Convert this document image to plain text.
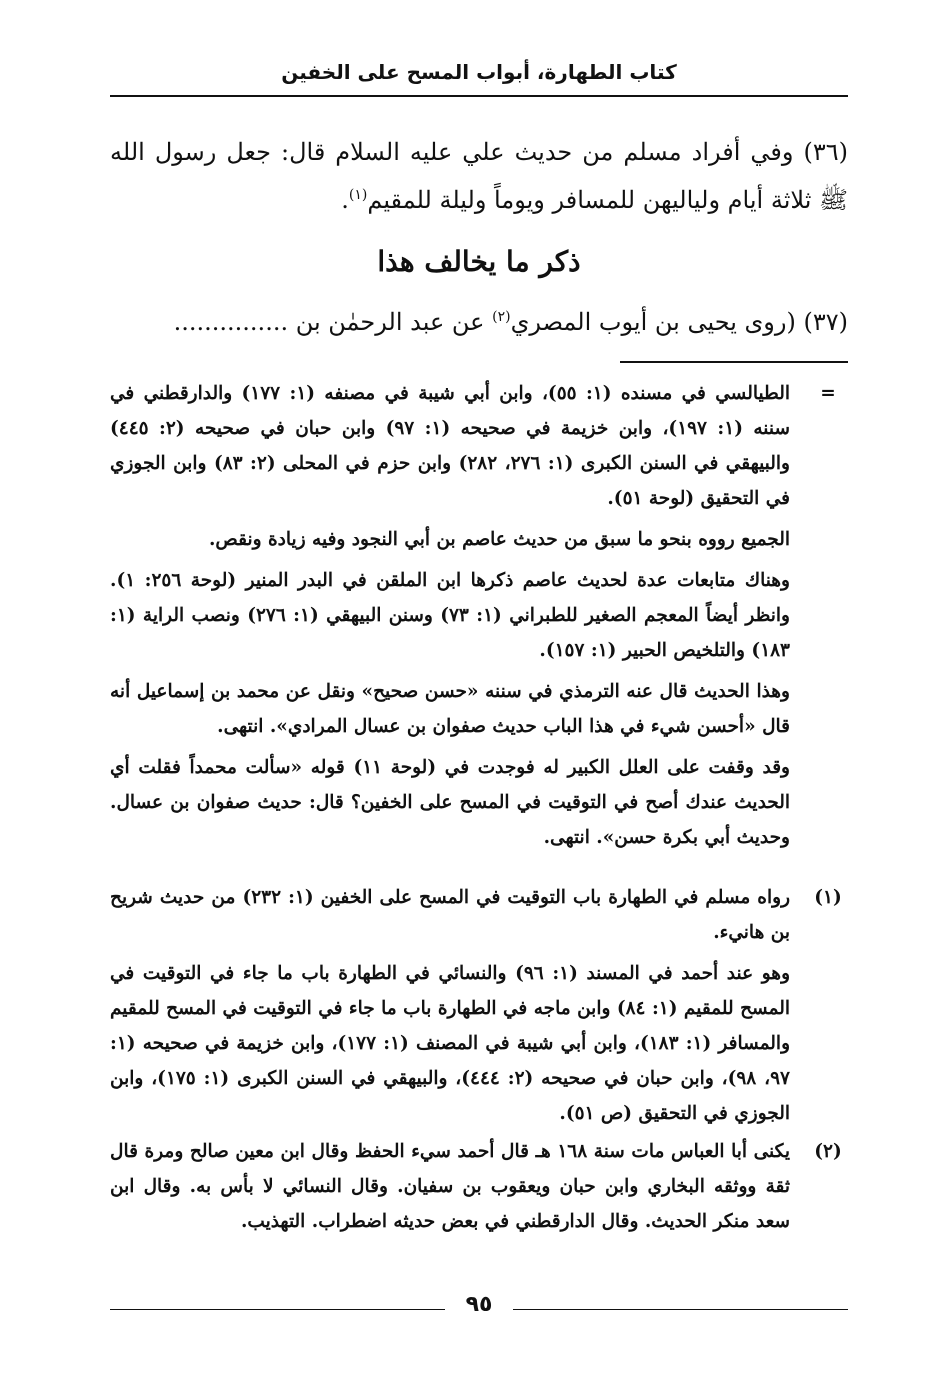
كتاب الطهارة، أبواب المسح على الخفين
(٣٦) وفي أفراد مسلم من حديث علي عليه السلام قال: جعل رسول الله ﷺ ثلاثة أيام ولياليهن للمسافر ويوماً وليلة للمقيم$^{(١)}$.
ذكر ما يخالف هذا
(٣٧) (روى يحيى بن أيوب المصري$^{(٢)}$ عن عبد الرحمٰن بن ...............
=

الطيالسي في مسنده (١: ٥٥)، وابن أبي شيبة في مصنفه (١: ١٧٧) والدارقطني في سننه (١: ١٩٧)، وابن خزيمة في صحيحه (١: ٩٧) وابن حبان في صحيحه (٢: ٤٤٥) والبيهقي في السنن الكبرى (١: ٢٧٦، ٢٨٢) وابن حزم في المحلى (٢: ٨٣) وابن الجوزي في التحقيق (لوحة ٥١).

الجميع رووه بنحو ما سبق من حديث عاصم بن أبي النجود وفيه زيادة ونقص.

وهناك متابعات عدة لحديث عاصم ذكرها ابن الملقن في البدر المنير (لوحة ٢٥٦: ١). وانظر أيضاً المعجم الصغير للطبراني (١: ٧٣) وسنن البيهقي (١: ٢٧٦) ونصب الراية (١: ١٨٣) والتلخيص الحبير (١: ١٥٧).

وهذا الحديث قال عنه الترمذي في سننه «حسن صحيح» ونقل عن محمد بن إسماعيل أنه قال «أحسن شيء في هذا الباب حديث صفوان بن عسال المرادي». انتهى.

وقد وقفت على العلل الكبير له فوجدت في (لوحة ١١) قوله «سألت محمداً فقلت أي الحديث عندك أصح في التوقيت في المسح على الخفين؟ قال: حديث صفوان بن عسال. وحديث أبي بكرة حسن». انتهى.

(١)

رواه مسلم في الطهارة باب التوقيت في المسح على الخفين (١: ٢٣٢) من حديث شريح بن هانيء.

وهو عند أحمد في المسند (١: ٩٦) والنسائي في الطهارة باب ما جاء في التوقيت في المسح للمقيم (١: ٨٤) وابن ماجه في الطهارة باب ما جاء في التوقيت في المسح للمقيم والمسافر (١: ١٨٣)، وابن أبي شيبة في المصنف (١: ١٧٧)، وابن خزيمة في صحيحه (١: ٩٧، ٩٨)، وابن حبان في صحيحه (٢: ٤٤٤)، والبيهقي في السنن الكبرى (١: ١٧٥)، وابن الجوزي في التحقيق (ص ٥١).

(٢)

يكنى أبا العباس مات سنة ١٦٨ هـ قال أحمد سيء الحفظ وقال ابن معين صالح ومرة قال ثقة ووثقه البخاري وابن حبان ويعقوب بن سفيان. وقال النسائي لا بأس به. وقال ابن سعد منكر الحديث. وقال الدارقطني في بعض حديثه اضطراب. التهذيب.

٩٥
